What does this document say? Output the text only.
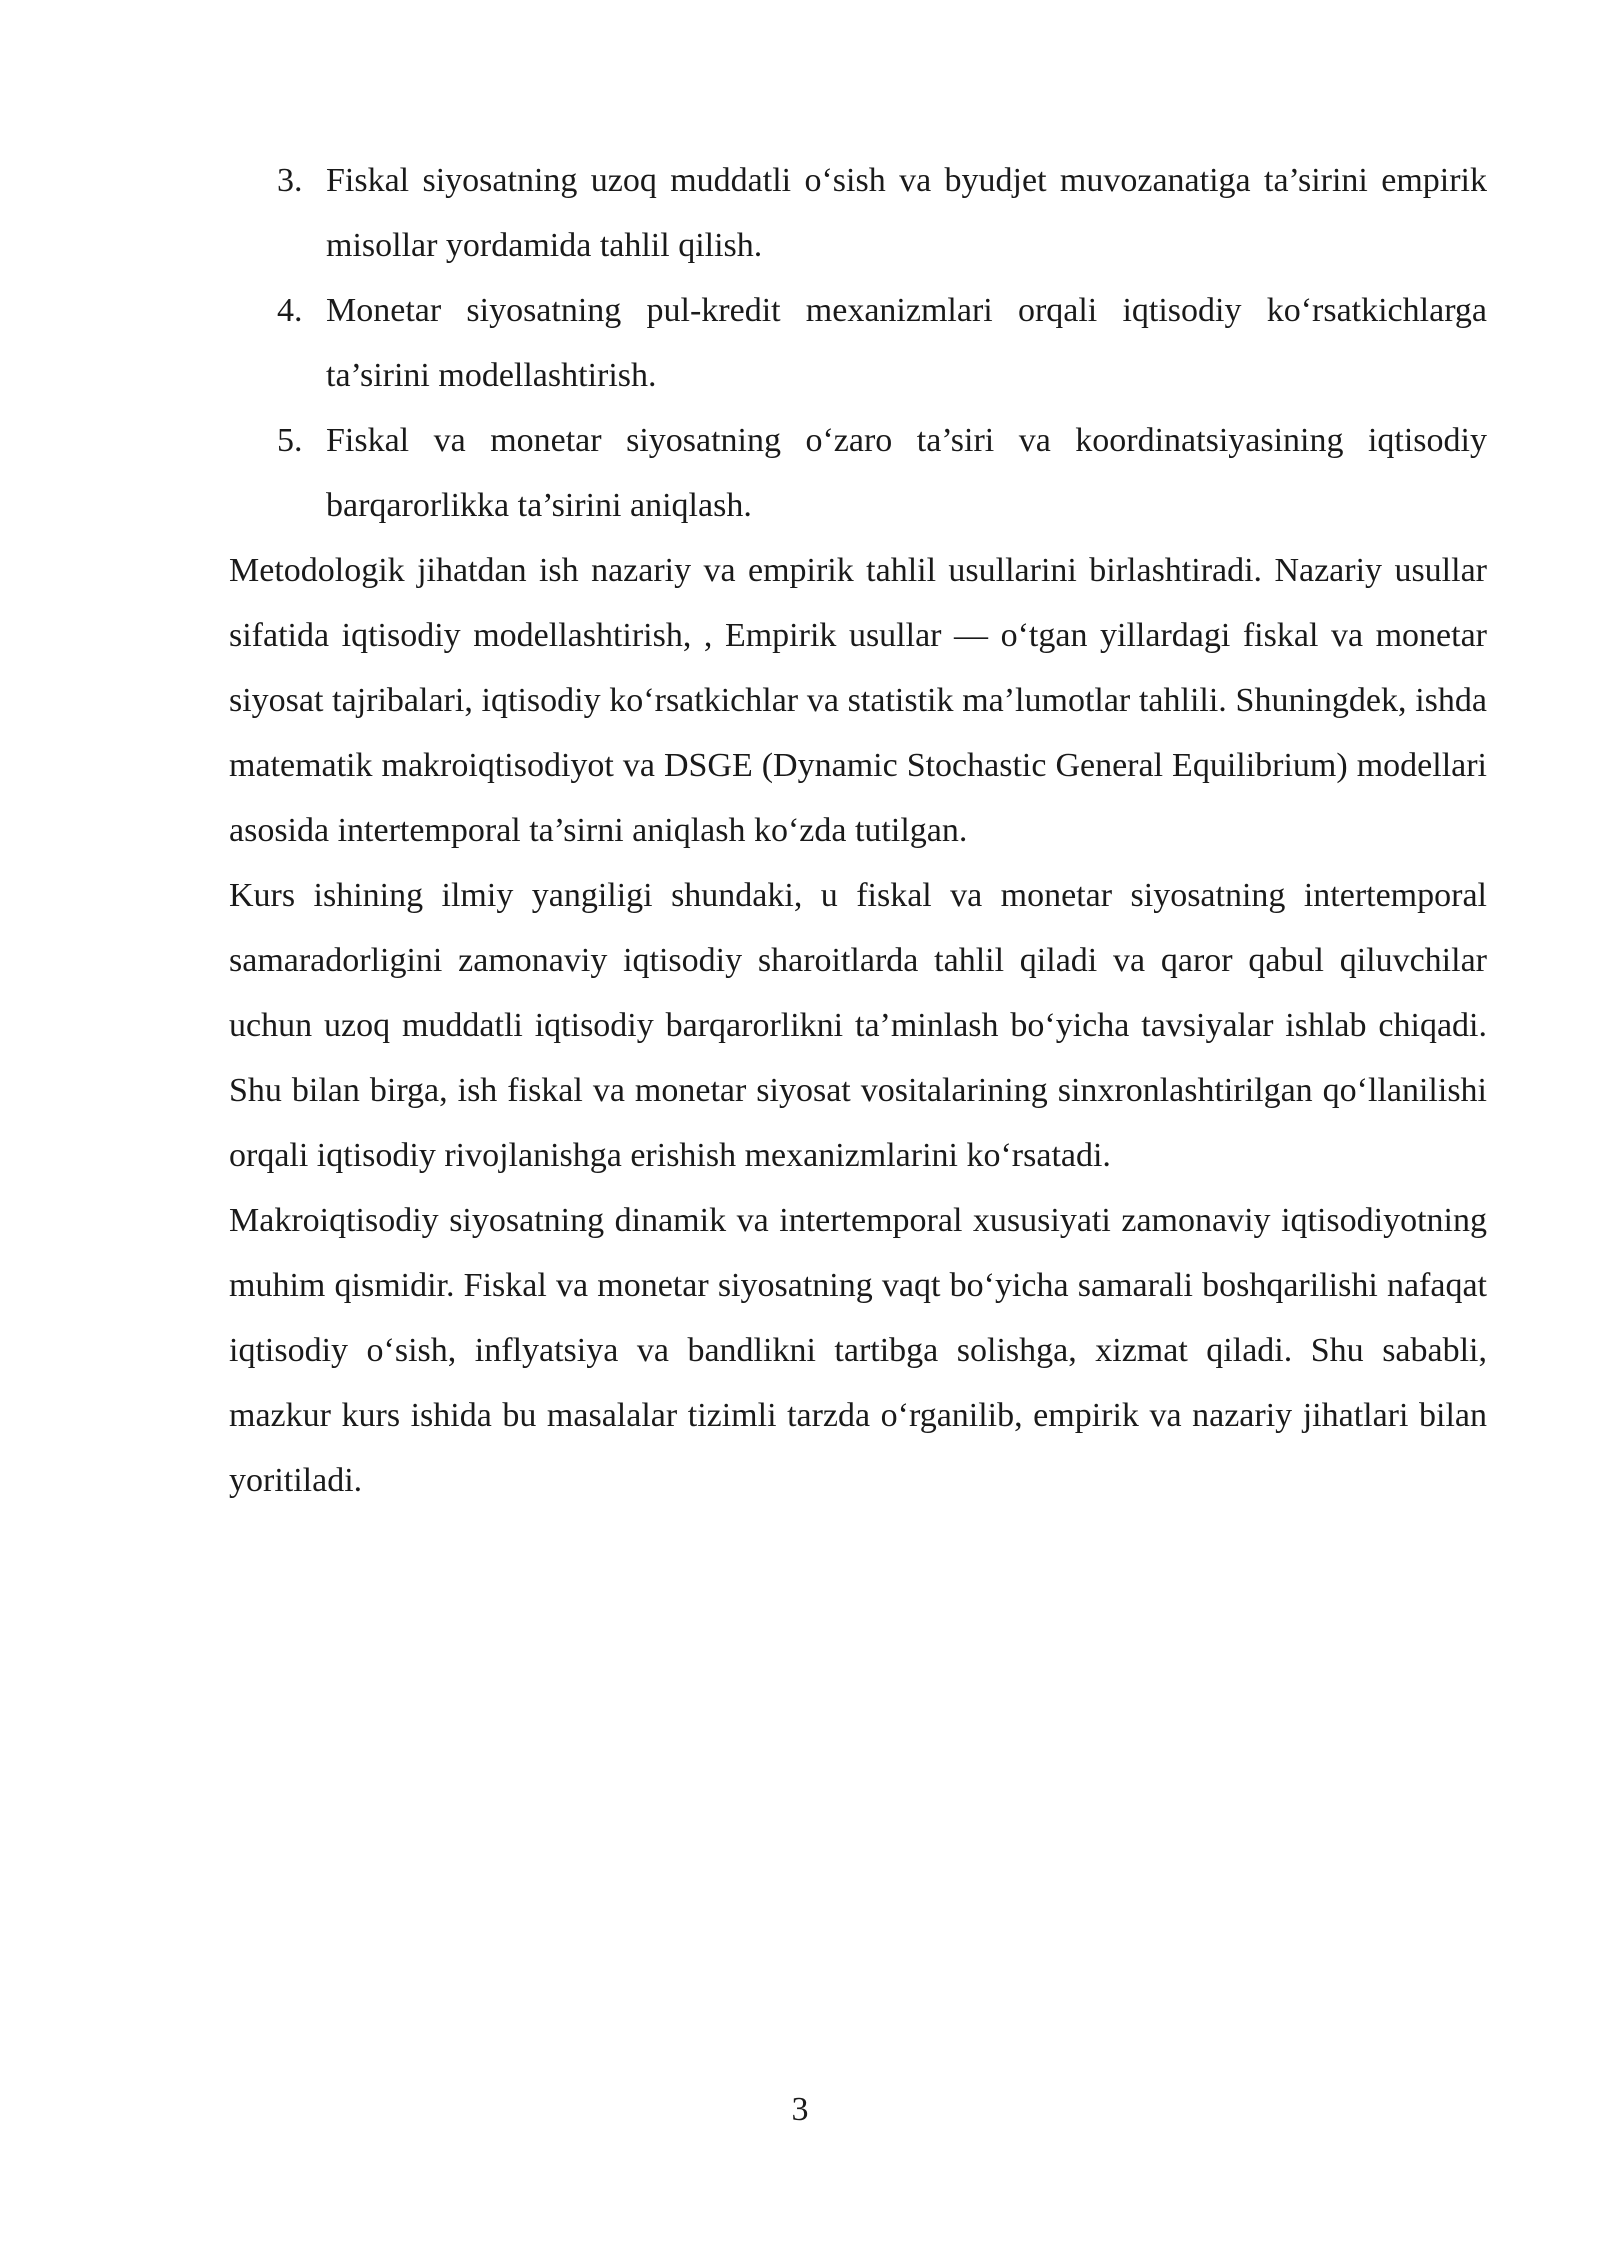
3. Fiskal siyosatning uzoq muddatli o‘sish va byudjet muvozanatiga ta’sirini empirik misollar yordamida tahlil qilish.
4. Monetar siyosatning pul-kredit mexanizmlari orqali iqtisodiy ko‘rsatkichlarga ta’sirini modellashtirish.
5. Fiskal va monetar siyosatning o‘zaro ta’siri va koordinatsiyasining iqtisodiy barqarorlikka ta’sirini aniqlash.

Metodologik jihatdan ish nazariy va empirik tahlil usullarini birlashtiradi. Nazariy usullar sifatida iqtisodiy modellashtirish, , Empirik usullar — o‘tgan yillardagi fiskal va monetar siyosat tajribalari, iqtisodiy ko‘rsatkichlar va statistik ma’lumotlar tahlili. Shuningdek, ishda matematik makroiqtisodiyot va DSGE (Dynamic Stochastic General Equilibrium) modellari asosida intertemporal ta’sirni aniqlash ko‘zda tutilgan.

Kurs ishining ilmiy yangiligi shundaki, u fiskal va monetar siyosatning intertemporal samaradorligini zamonaviy iqtisodiy sharoitlarda tahlil qiladi va qaror qabul qiluvchilar uchun uzoq muddatli iqtisodiy barqarorlikni ta’minlash bo‘yicha tavsiyalar ishlab chiqadi. Shu bilan birga, ish fiskal va monetar siyosat vositalarining sinxronlashtirilgan qo‘llanilishi orqali iqtisodiy rivojlanishga erishish mexanizmlarini ko‘rsatadi.

Makroiqtisodiy siyosatning dinamik va intertemporal xususiyati zamonaviy iqtisodiyotning muhim qismidir. Fiskal va monetar siyosatning vaqt bo‘yicha samarali boshqarilishi nafaqat iqtisodiy o‘sish, inflyatsiya va bandlikni tartibga solishga, xizmat qiladi. Shu sababli, mazkur kurs ishida bu masalalar tizimli tarzda o‘rganilib, empirik va nazariy jihatlari bilan yoritiladi.

3
